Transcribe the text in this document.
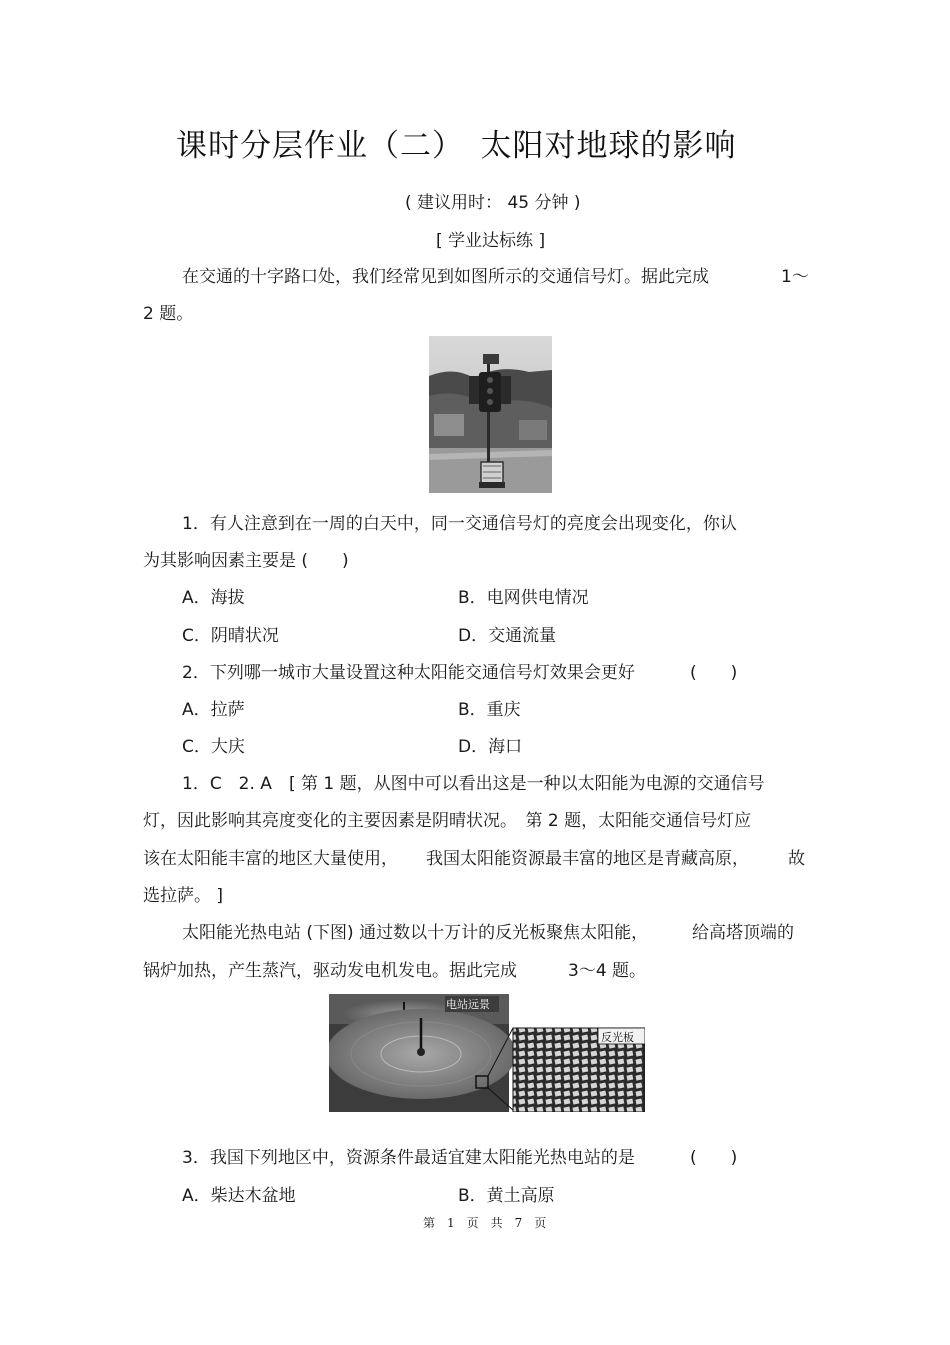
课时分层作业（二）　太阳对地球的影响
( 建议用时： 45 分钟 )
[ 学业达标练 ]
在交通的十字路口处，我们经常见到如图所示的交通信号灯。据此完成	1～
2 题。
1．有人注意到在一周的白天中，同一交通信号灯的亮度会出现变化，你认
为其影响因素主要是 (　　)
A．海拔	B．电网供电情况
C．阴晴状况	D．交通流量
2．下列哪一城市大量设置这种太阳能交通信号灯效果会更好	(　　)
A．拉萨	B．重庆
C．大庆	D．海口
1．C　2. A　[ 第 1 题，从图中可以看出这是一种以太阳能为电源的交通信号
灯，因此影响其亮度变化的主要因素是阴晴状况。　第 2 题，太阳能交通信号灯应
该在太阳能丰富的地区大量使用， 我国太阳能资源最丰富的地区是青藏高原， 故
选拉萨。 ]
太阳能光热电站 (下图) 通过数以十万计的反光板聚焦太阳能，	给高塔顶端的
锅炉加热，产生蒸汽，驱动发电机发电。据此完成	3～4 题。
电站远景
反光板
3．我国下列地区中，资源条件最适宜建太阳能光热电站的是	(　　)
A．柴达木盆地	B．黄土高原
第　1　页　共　7　页
